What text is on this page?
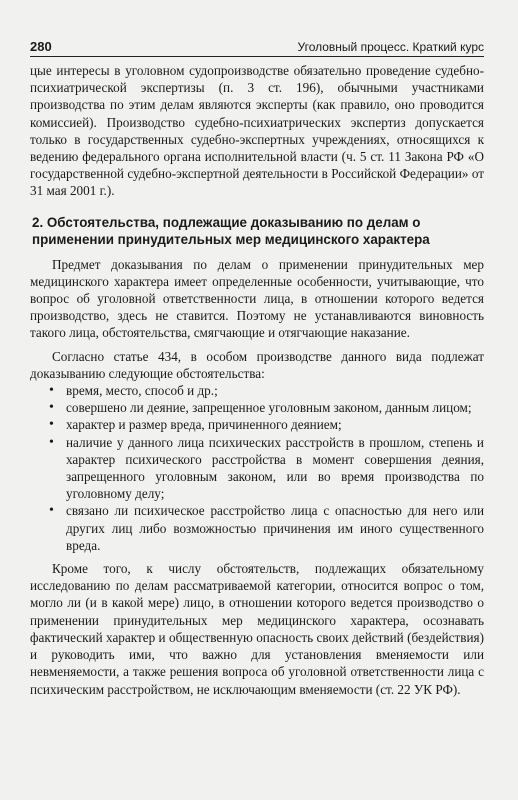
280	Уголовный процесс. Краткий курс

цые интересы в уголовном судопроизводстве обязательно проведение судебно-психиатрической экспертизы (п. 3 ст. 196), обычными участниками производства по этим делам являются эксперты (как правило, оно проводится комиссией). Производство судебно-психиатрических экспертиз допускается только в государственных судебно-экспертных учреждениях, относящихся к ведению федерального органа исполнительной власти (ч. 5 ст. 11 Закона РФ «О государственной судебно-экспертной деятельности в Российской Федерации» от 31 мая 2001 г.).

2. Обстоятельства, подлежащие доказыванию по делам о применении принудительных мер медицинского характера

Предмет доказывания по делам о применении принудительных мер медицинского характера имеет определенные особенности, учитывающие, что вопрос об уголовной ответственности лица, в отношении которого ведется производство, здесь не ставится. Поэтому не устанавливаются виновность такого лица, обстоятельства, смягчающие и отягчающие наказание.

Согласно статье 434, в особом производстве данного вида подлежат доказыванию следующие обстоятельства:

• время, место, способ и др.;
• совершено ли деяние, запрещенное уголовным законом, данным лицом;
• характер и размер вреда, причиненного деянием;
• наличие у данного лица психических расстройств в прошлом, степень и характер психического расстройства в момент совершения деяния, запрещенного уголовным законом, или во время производства по уголовному делу;
• связано ли психическое расстройство лица с опасностью для него или других лиц либо возможностью причинения им иного существенного вреда.

Кроме того, к числу обстоятельств, подлежащих обязательному исследованию по делам рассматриваемой категории, относится вопрос о том, могло ли (и в какой мере) лицо, в отношении которого ведется производство о применении принудительных мер медицинского характера, осознавать фактический характер и общественную опасность своих действий (бездействия) и руководить ими, что важно для установления вменяемости или невменяемости, а также решения вопроса об уголовной ответственности лица с психическим расстройством, не исключающим вменяемости (ст. 22 УК РФ).
